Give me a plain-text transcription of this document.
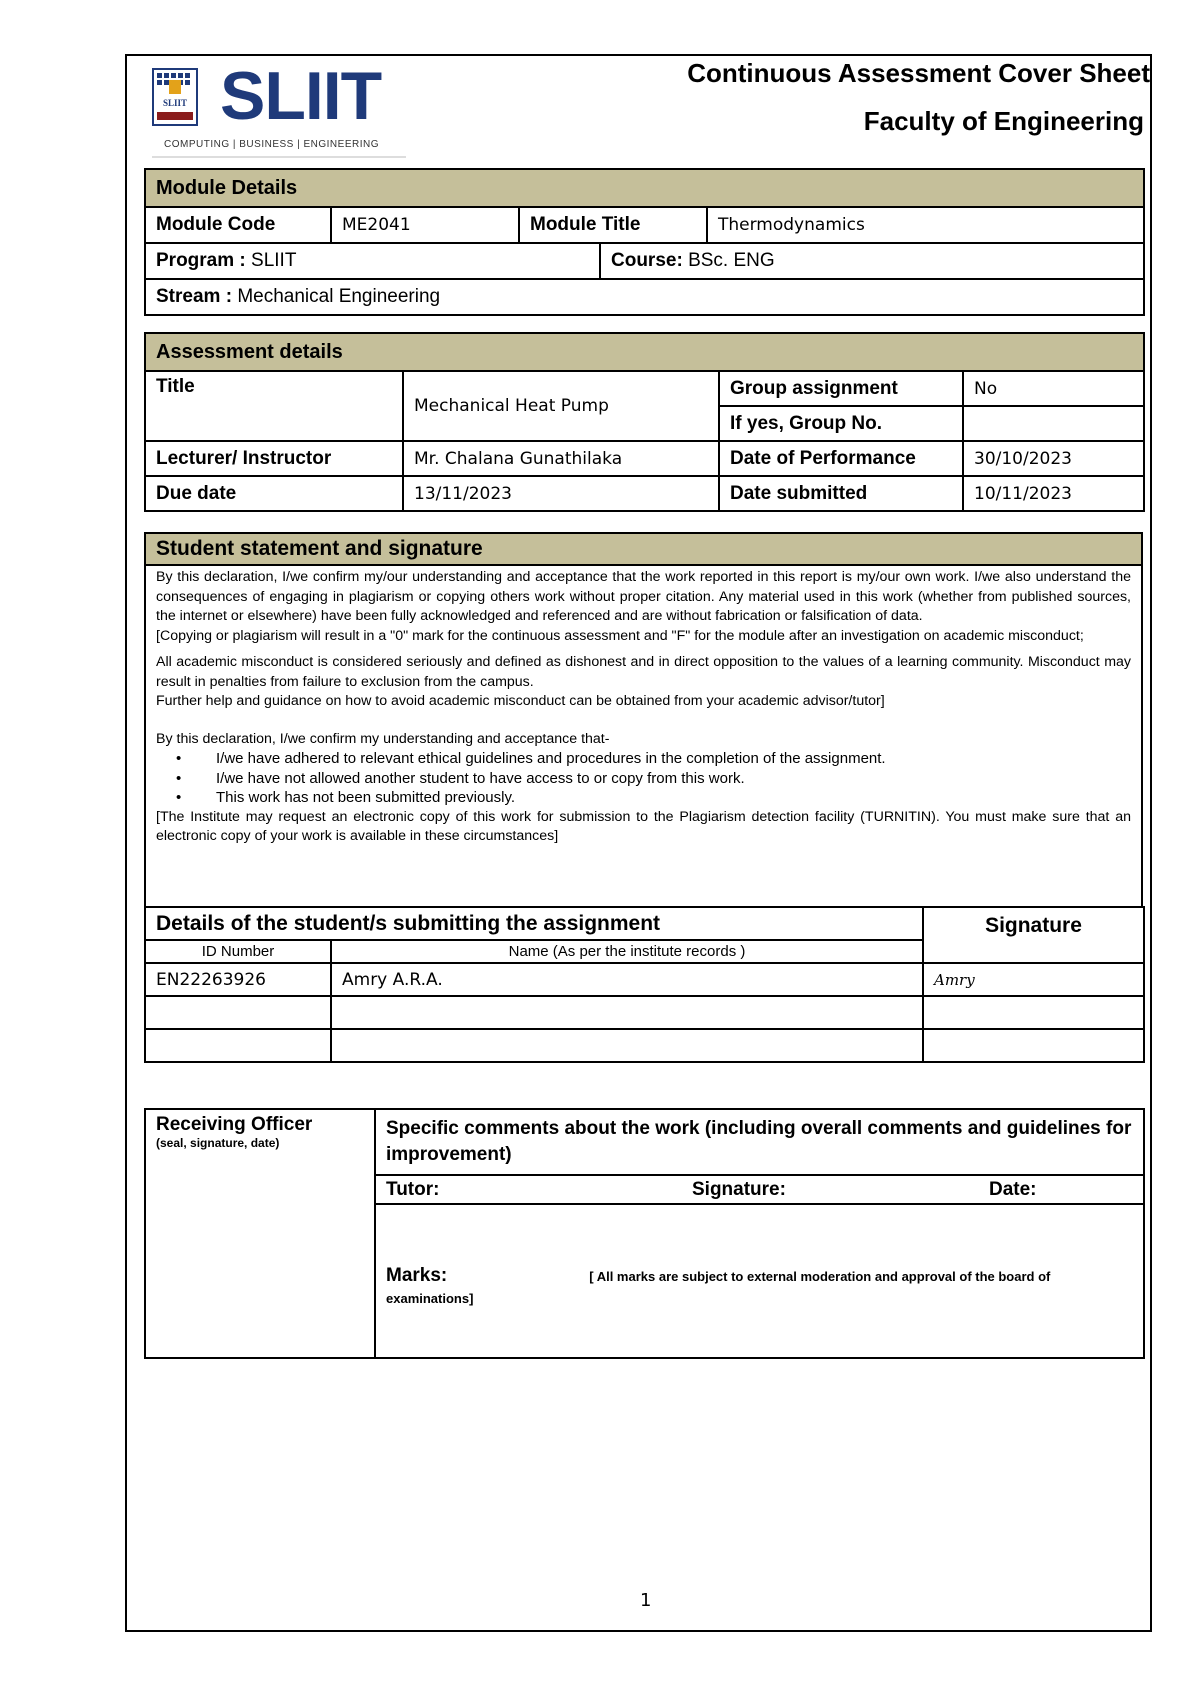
SLIIT SLIIT
COMPUTING | BUSINESS | ENGINEERING
Continuous Assessment Cover Sheet
Faculty of Engineering
Module Details				
Module Code	ME2041	Module Title		Thermodynamics
Program : SLIIT			Course: BSc. ENG	
Stream : Mechanical Engineering				
Assessment details			
Title	Mechanical Heat Pump	Group assignment	No
		If yes, Group No.	
Lecturer/ Instructor	Mr. Chalana Gunathilaka	Date of Performance	30/10/2023
Due date	13/11/2023	Date submitted	10/11/2023
Student statement and signature
By this declaration, I/we confirm my/our understanding and acceptance that the work reported in this report is my/our own work. I/we also understand the consequences of engaging in plagiarism or copying others work without proper citation. Any material used in this work (whether from published sources, the internet or elsewhere) have been fully acknowledged and referenced and are without fabrication or falsification of data.

[Copying or plagiarism will result in a "0" mark for the continuous assessment and "F" for the module after an investigation on academic misconduct;

All academic misconduct is considered seriously and defined as dishonest and in direct opposition to the values of a learning community. Misconduct may result in penalties from failure to exclusion from the campus.
Further help and guidance on how to avoid academic misconduct can be obtained from your academic advisor/tutor]
By this declaration, I/we confirm my understanding and acceptance that-
• I/we have adhered to relevant ethical guidelines and procedures in the completion of the assignment.
• I/we have not allowed another student to have access to or copy from this work.
• This work has not been submitted previously.
[The Institute may request an electronic copy of this work for submission to the Plagiarism detection facility (TURNITIN). You must make sure that an electronic copy of your work is available in these circumstances]
Details of the student/s submitting the assignment		Signature
ID Number	Name (As per the institute records )	
EN22263926	Amry A.R.A.	Amry

Receiving Officer
(seal, signature, date)
	Specific comments about the work (including overall comments and guidelines for improvement)
Tutor:	Signature:	Date:

Marks:	[ All marks are subject to external moderation and approval of the board of examinations]
1
